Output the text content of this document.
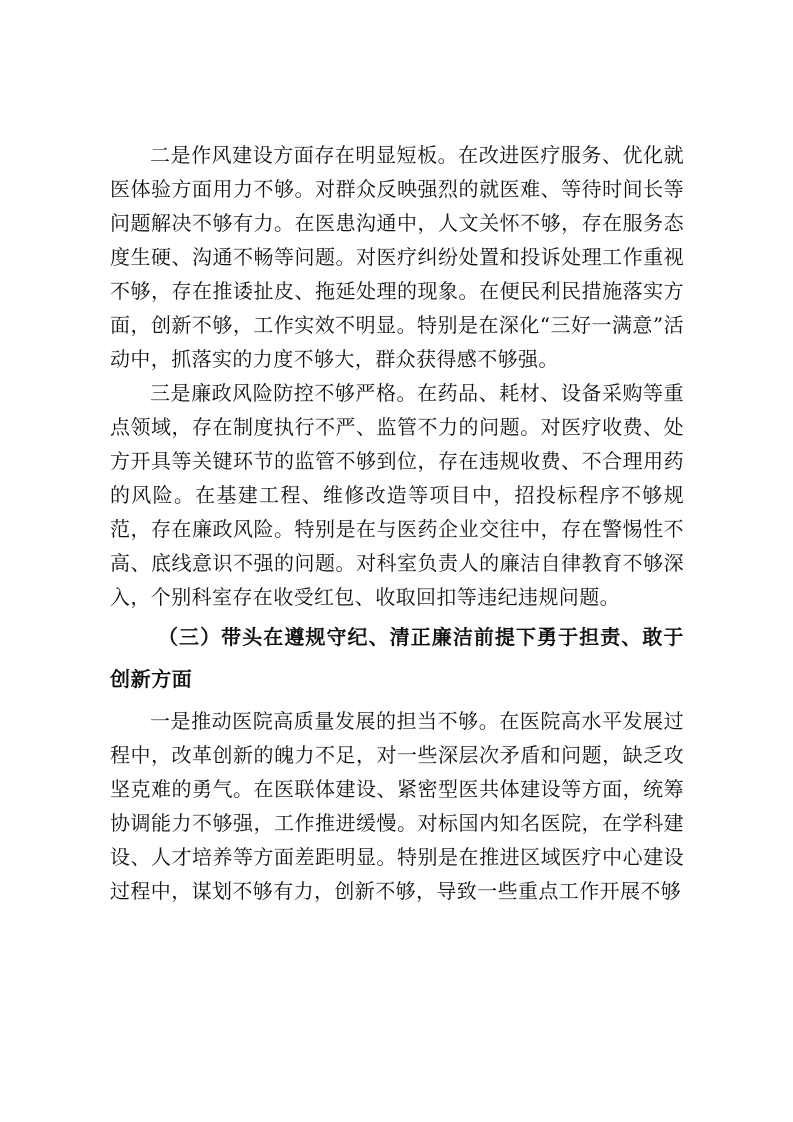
二是作风建设方面存在明显短板。在改进医疗服务、优化就医体验方面用力不够。对群众反映强烈的就医难、等待时间长等问题解决不够有力。在医患沟通中，人文关怀不够，存在服务态度生硬、沟通不畅等问题。对医疗纠纷处置和投诉处理工作重视不够，存在推诿扯皮、拖延处理的现象。在便民利民措施落实方面，创新不够，工作实效不明显。特别是在深化“三好一满意”活动中，抓落实的力度不够大，群众获得感不够强。

三是廉政风险防控不够严格。在药品、耗材、设备采购等重点领域，存在制度执行不严、监管不力的问题。对医疗收费、处方开具等关键环节的监管不够到位，存在违规收费、不合理用药的风险。在基建工程、维修改造等项目中，招投标程序不够规范，存在廉政风险。特别是在与医药企业交往中，存在警惕性不高、底线意识不强的问题。对科室负责人的廉洁自律教育不够深入，个别科室存在收受红包、收取回扣等违纪违规问题。

（三）带头在遵规守纪、清正廉洁前提下勇于担责、敢于创新方面

一是推动医院高质量发展的担当不够。在医院高水平发展过程中，改革创新的魄力不足，对一些深层次矛盾和问题，缺乏攻坚克难的勇气。在医联体建设、紧密型医共体建设等方面，统筹协调能力不够强，工作推进缓慢。对标国内知名医院，在学科建设、人才培养等方面差距明显。特别是在推进区域医疗中心建设过程中，谋划不够有力，创新不够，导致一些重点工作开展不够
